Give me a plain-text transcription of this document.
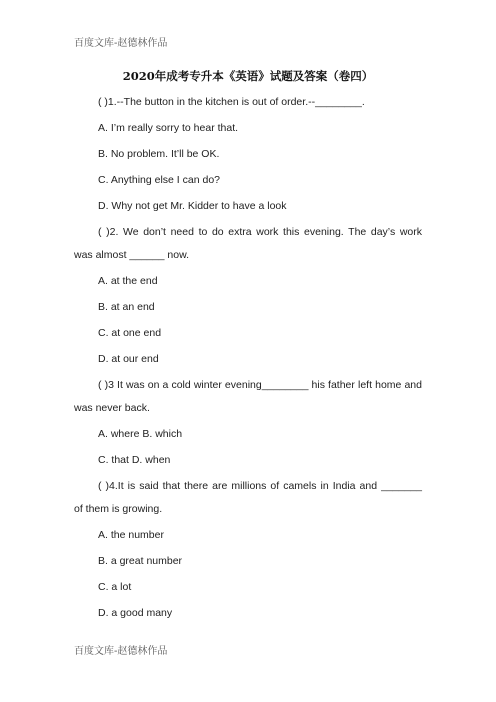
百度文库-赵德林作品
2020年成考专升本《英语》试题及答案（卷四）
( )1.--The button in the kitchen is out of order.--________.
A. I’m really sorry to hear that.
B. No problem. It’ll be OK.
C. Anything else I can do?
D. Why not get Mr. Kidder to have a look
( )2. We don’t need to do extra work this evening. The day’s work
was almost ______ now.
A. at the end
B. at an end
C. at one end
D. at our end
( )3 It was on a cold winter evening________ his father left home and
was never back.
A. where B. which
C. that D. when
( )4.It is said that there are millions of camels in India and _______
of them is growing.
A. the number
B. a great number
C. a lot
D. a good many
百度文库-赵德林作品
